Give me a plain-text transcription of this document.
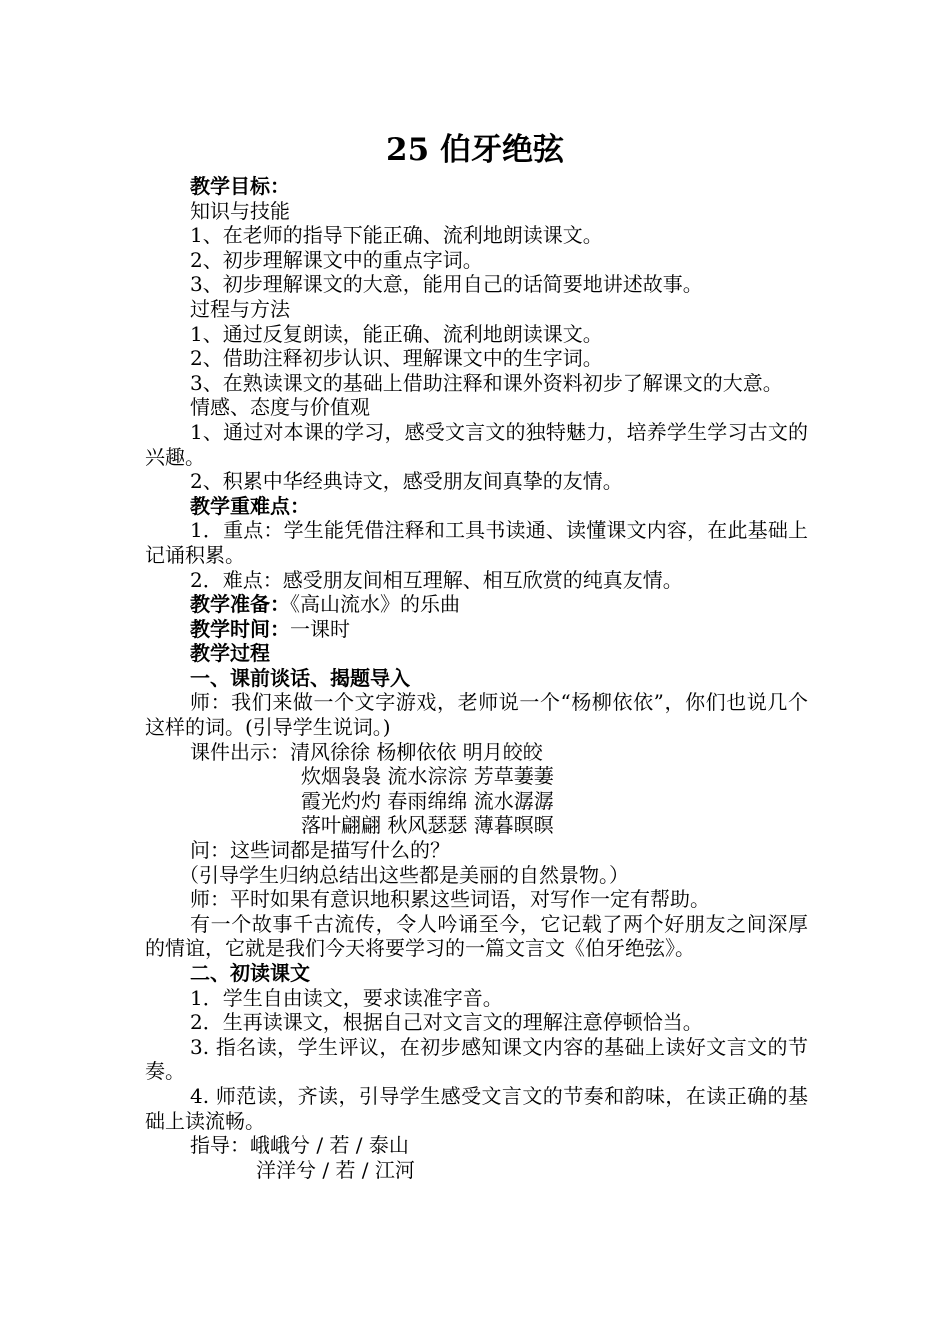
25 伯牙绝弦

教学目标：

知识与技能

1、在老师的指导下能正确、流利地朗读课文。

2、初步理解课文中的重点字词。

3、初步理解课文的大意，能用自己的话简要地讲述故事。

过程与方法

1、通过反复朗读，能正确、流利地朗读课文。

2、借助注释初步认识、理解课文中的生字词。

3、在熟读课文的基础上借助注释和课外资料初步了解课文的大意。

情感、态度与价值观

1、通过对本课的学习，感受文言文的独特魅力，培养学生学习古文的兴趣。

2、积累中华经典诗文，感受朋友间真挚的友情。

教学重难点：

1．重点：学生能凭借注释和工具书读通、读懂课文内容，在此基础上记诵积累。

2．难点：感受朋友间相互理解、相互欣赏的纯真友情。

教学准备：《高山流水》的乐曲

教学时间：一课时

教学过程

一、课前谈话、揭题导入

师：我们来做一个文字游戏，老师说一个“杨柳依依”，你们也说几个这样的词。(引导学生说词。)

课件出示：清风徐徐 杨柳依依 明月皎皎
炊烟袅袅 流水淙淙 芳草萋萋
霞光灼灼 春雨绵绵 流水潺潺
落叶翩翩 秋风瑟瑟 薄暮暝暝

问：这些词都是描写什么的？

（引导学生归纳总结出这些都是美丽的自然景物。）

师：平时如果有意识地积累这些词语，对写作一定有帮助。

有一个故事千古流传，令人吟诵至今，它记载了两个好朋友之间深厚的情谊，它就是我们今天将要学习的一篇文言文《伯牙绝弦》。

二、初读课文

1．学生自由读文，要求读准字音。

2．生再读课文，根据自己对文言文的理解注意停顿恰当。

3. 指名读，学生评议，在初步感知课文内容的基础上读好文言文的节奏。

4. 师范读，齐读，引导学生感受文言文的节奏和韵味，在读正确的基础上读流畅。

指导：峨峨兮 / 若 / 泰山
洋洋兮 / 若 / 江河
